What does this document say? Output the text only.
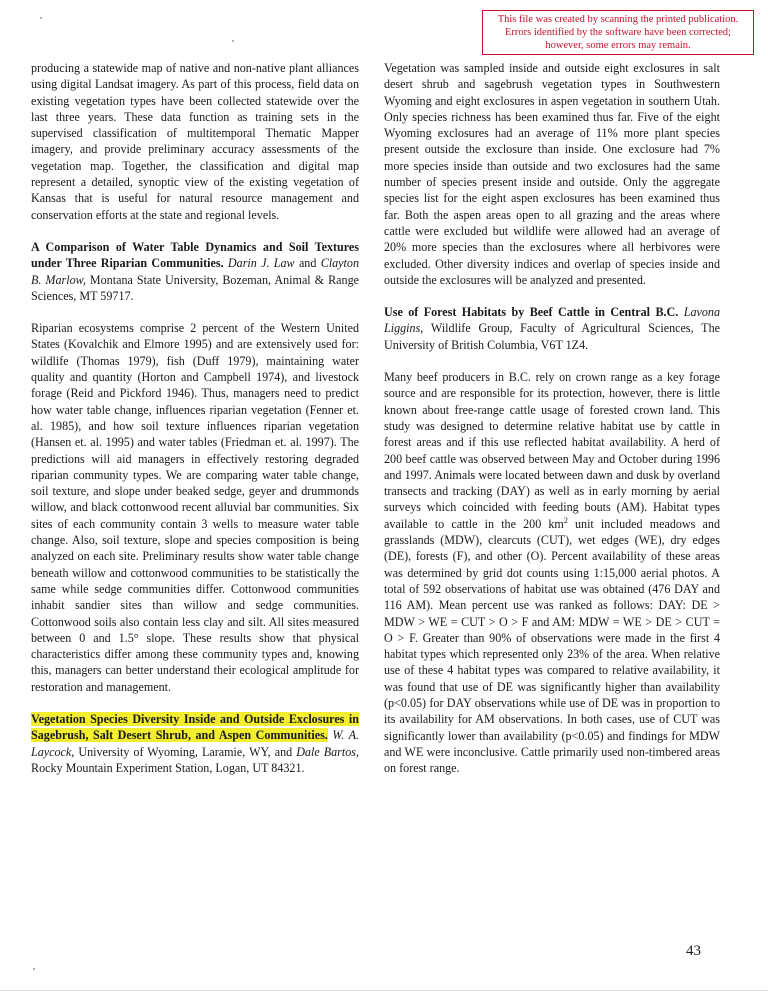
This file was created by scanning the printed publication. Errors identified by the software have been corrected; however, some errors may remain.

producing a statewide map of native and non-native plant alliances using digital Landsat imagery. As part of this process, field data on existing vegetation types have been collected statewide over the last three years. These data function as training sets in the supervised classification of multitemporal Thematic Mapper imagery, and provide preliminary accuracy assessments of the vegetation map. Together, the classification and digital map represent a detailed, synoptic view of the existing vegetation of Kansas that is useful for natural resource management and conservation efforts at the state and regional levels.

A Comparison of Water Table Dynamics and Soil Textures under Three Riparian Communities. Darin J. Law and Clayton B. Marlow, Montana State University, Bozeman, Animal & Range Sciences, MT 59717.

Riparian ecosystems comprise 2 percent of the Western United States (Kovalchik and Elmore 1995) and are extensively used for: wildlife (Thomas 1979), fish (Duff 1979), maintaining water quality and quantity (Horton and Campbell 1974), and livestock forage (Reid and Pickford 1946). Thus, managers need to predict how water table change, influences riparian vegetation (Fenner et. al. 1985), and how soil texture influences riparian vegetation (Hansen et. al. 1995) and water tables (Friedman et. al. 1997). The predictions will aid managers in effectively restoring degraded riparian community types. We are comparing water table change, soil texture, and slope under beaked sedge, geyer and drummonds willow, and black cottonwood recent alluvial bar communities. Six sites of each community contain 3 wells to measure water table change. Also, soil texture, slope and species composition is being analyzed on each site. Preliminary results show water table change beneath willow and cottonwood communities to be statistically the same while sedge communities differ. Cottonwood communities inhabit sandier sites than willow and sedge communities. Cottonwood soils also contain less clay and silt. All sites measured between 0 and 1.5° slope. These results show that physical characteristics differ among these community types and, knowing this, managers can better understand their ecological amplitude for restoration and management.

Vegetation Species Diversity Inside and Outside Exclosures in Sagebrush, Salt Desert Shrub, and Aspen Communities. W. A. Laycock, University of Wyoming, Laramie, WY, and Dale Bartos, Rocky Mountain Experiment Station, Logan, UT 84321.

Vegetation was sampled inside and outside eight exclosures in salt desert shrub and sagebrush vegetation types in Southwestern Wyoming and eight exclosures in aspen vegetation in southern Utah. Only species richness has been examined thus far. Five of the eight Wyoming exclosures had an average of 11% more plant species present outside the exclosure than inside. One exclosure had 7% more species inside than outside and two exclosures had the same number of species present inside and outside. Only the aggregate species list for the eight aspen exclosures has been examined thus far. Both the aspen areas open to all grazing and the areas where cattle were excluded but wildlife were allowed had an average of 20% more species than the exclosures where all herbivores were excluded. Other diversity indices and overlap of species inside and outside the exclosures will be analyzed and presented.

Use of Forest Habitats by Beef Cattle in Central B.C. Lavona Liggins, Wildlife Group, Faculty of Agricultural Sciences, The University of British Columbia, V6T 1Z4.

Many beef producers in B.C. rely on crown range as a key forage source and are responsible for its protection, however, there is little known about free-range cattle usage of forested crown land. This study was designed to determine relative habitat use by cattle in forest areas and if this use reflected habitat availability. A herd of 200 beef cattle was observed between May and October during 1996 and 1997. Animals were located between dawn and dusk by overland transects and tracking (DAY) as well as in early morning by aerial surveys which coincided with feeding bouts (AM). Habitat types available to cattle in the 200 $km^2$ unit included meadows and grasslands (MDW), clearcuts (CUT), wet edges (WE), dry edges (DE), forests (F), and other (O). Percent availability of these areas was determined by grid dot counts using 1:15,000 aerial photos. A total of 592 observations of habitat use was obtained (476 DAY and 116 AM). Mean percent use was ranked as follows: DAY: DE > MDW > WE = CUT > O > F and AM: MDW = WE > DE > CUT = O > F. Greater than 90% of observations were made in the first 4 habitat types which represented only 23% of the area. When relative use of these 4 habitat types was compared to relative availability, it was found that use of DE was significantly higher than availability (p<0.05) for DAY observations while use of DE was in proportion to its availability for AM observations. In both cases, use of CUT was significantly lower than availability (p<0.05) and findings for MDW and WE were inconclusive. Cattle primarily used non-timbered areas on forest range.

43
